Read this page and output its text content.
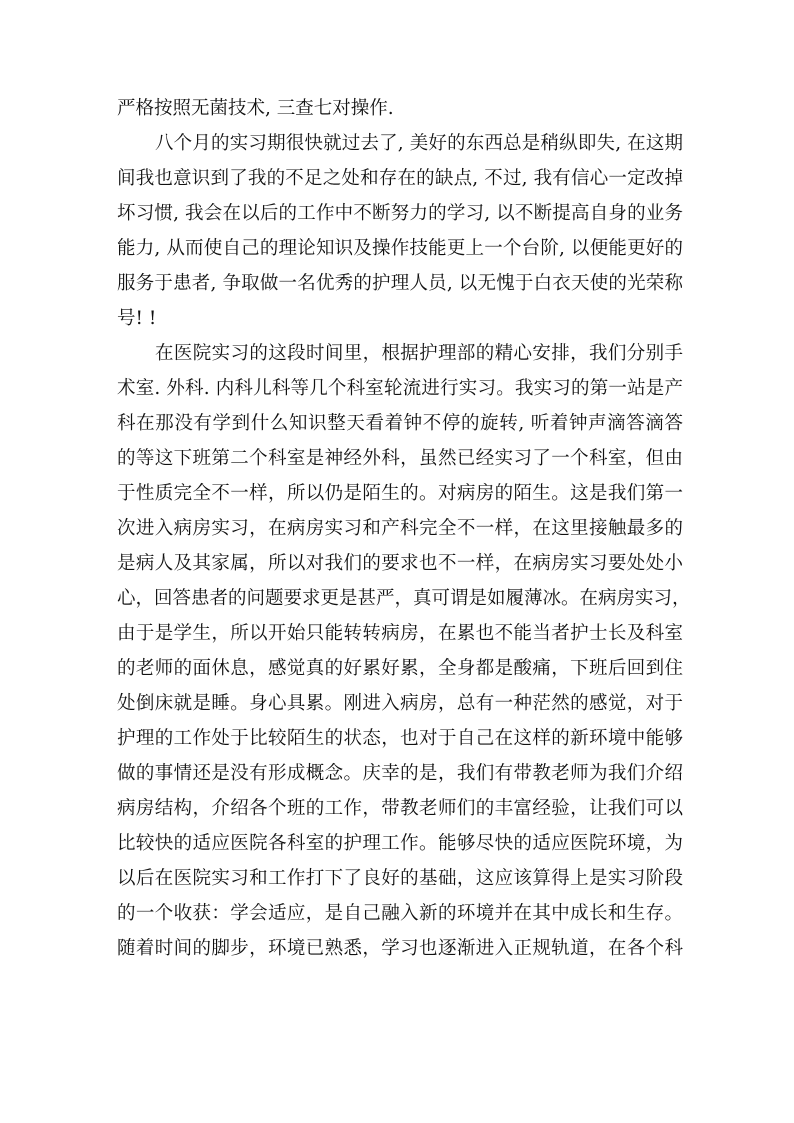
严格按照无菌技术, 三查七对操作.
八个月的实习期很快就过去了, 美好的东西总是稍纵即失, 在这期
间我也意识到了我的不足之处和存在的缺点, 不过, 我有信心一定改掉
坏习惯, 我会在以后的工作中不断努力的学习, 以不断提高自身的业务
能力, 从而使自己的理论知识及操作技能更上一个台阶, 以便能更好的
服务于患者, 争取做一名优秀的护理人员, 以无愧于白衣天使的光荣称
号! !
在医院实习的这段时间里，根据护理部的精心安排，我们分别手
术室. 外科. 内科儿科等几个科室轮流进行实习。我实习的第一站是产
科在那没有学到什么知识整天看着钟不停的旋转, 听着钟声滴答滴答
的等这下班第二个科室是神经外科，虽然已经实习了一个科室，但由
于性质完全不一样，所以仍是陌生的。对病房的陌生。这是我们第一
次进入病房实习，在病房实习和产科完全不一样，在这里接触最多的
是病人及其家属，所以对我们的要求也不一样，在病房实习要处处小
心，回答患者的问题要求更是甚严，真可谓是如履薄冰。在病房实习，
由于是学生，所以开始只能转转病房，在累也不能当者护士长及科室
的老师的面休息，感觉真的好累好累，全身都是酸痛，下班后回到住
处倒床就是睡。身心具累。刚进入病房，总有一种茫然的感觉，对于
护理的工作处于比较陌生的状态，也对于自己在这样的新环境中能够
做的事情还是没有形成概念。庆幸的是，我们有带教老师为我们介绍
病房结构，介绍各个班的工作，带教老师们的丰富经验，让我们可以
比较快的适应医院各科室的护理工作。能够尽快的适应医院环境，为
以后在医院实习和工作打下了良好的基础，这应该算得上是实习阶段
的一个收获：学会适应，是自己融入新的环境并在其中成长和生存。
随着时间的脚步，环境已熟悉，学习也逐渐进入正规轨道，在各个科
